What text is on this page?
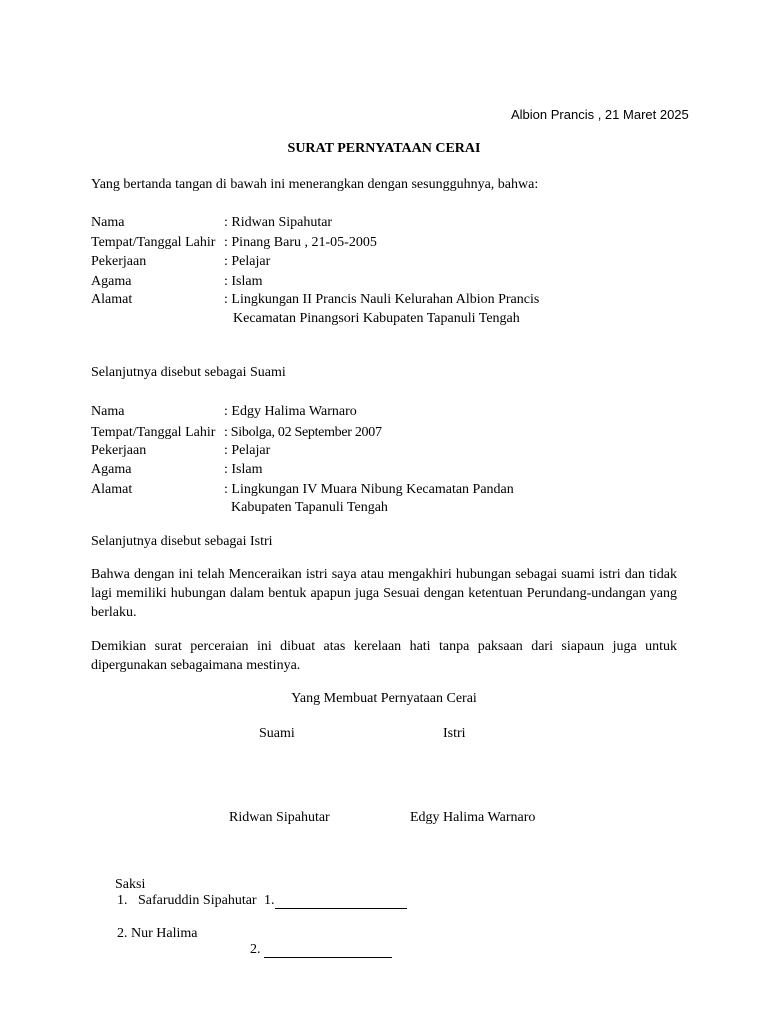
Albion Prancis , 21 Maret 2025
SURAT PERNYATAAN CERAI
Yang bertanda tangan di bawah ini menerangkan dengan sesungguhnya, bahwa:
Nama	: Ridwan Sipahutar
Tempat/Tanggal Lahir : Pinang Baru , 21-05-2005
Pekerjaan	: Pelajar
Agama	: Islam
Alamat	: Lingkungan II Prancis Nauli Kelurahan Albion Prancis
Kecamatan Pinangsori Kabupaten Tapanuli Tengah
Selanjutnya disebut sebagai Suami
Nama	: Edgy Halima Warnaro
Tempat/Tanggal Lahir : Sibolga, 02 September 2007
Pekerjaan	: Pelajar
Agama	: Islam
Alamat	: Lingkungan IV Muara Nibung Kecamatan Pandan
Kabupaten Tapanuli Tengah
Selanjutnya disebut sebagai Istri
Bahwa dengan ini telah Menceraikan istri saya atau mengakhiri hubungan sebagai suami istri dan tidak lagi memiliki hubungan dalam bentuk apapun juga Sesuai dengan ketentuan Perundang-undangan yang berlaku.
Demikian surat perceraian ini dibuat atas kerelaan hati tanpa paksaan dari siapaun juga untuk dipergunakan sebagaimana mestinya.
Yang Membuat Pernyataan Cerai
Suami	Istri
Ridwan Sipahutar	Edgy Halima Warnaro
Saksi
1. Safaruddin Sipahutar 1.
2. Nur Halima
2.
